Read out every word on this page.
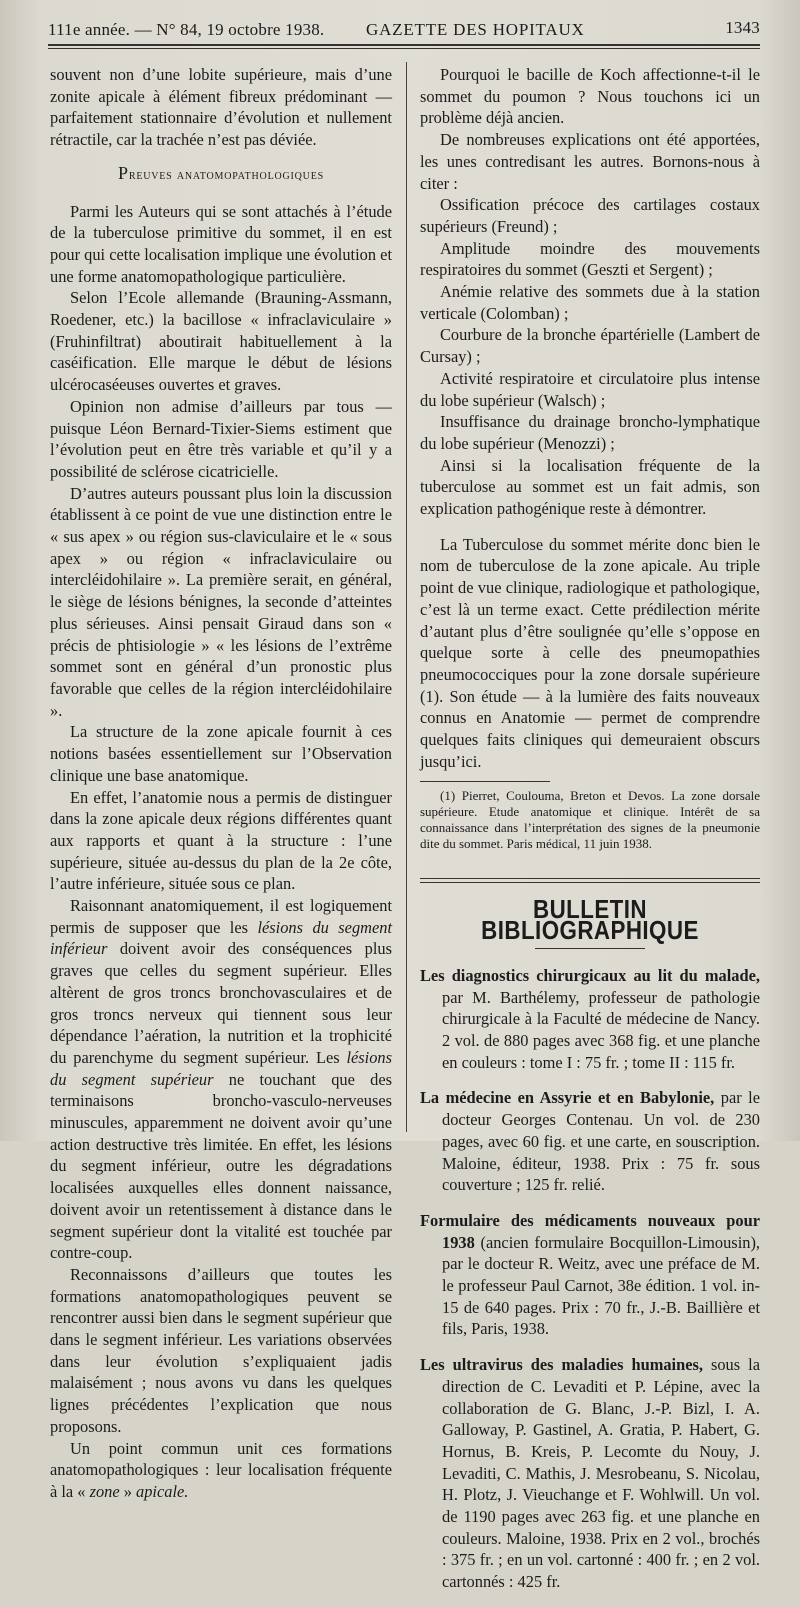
111e année. — N° 84, 19 octobre 1938. GAZETTE DES HOPITAUX	1343

souvent non d’une lobite supérieure, mais d’une zonite apicale à élément fibreux prédominant — parfaitement stationnaire d’évolution et nullement rétractile, car la trachée n’est pas déviée.

Preuves anatomopathologiques

Parmi les Auteurs qui se sont attachés à l’étude de la tuberculose primitive du sommet, il en est pour qui cette localisation implique une évolution et une forme anatomopathologique particulière.

Selon l’Ecole allemande (Brauning-Assmann, Roedener, etc.) la bacillose « infraclaviculaire » (Fruhinfiltrat) aboutirait habituellement à la caséification. Elle marque le début de lésions ulcérocaséeuses ouvertes et graves.

Opinion non admise d’ailleurs par tous — puisque Léon Bernard-Tixier-Siems estiment que l’évolution peut en être très variable et qu’il y a possibilité de sclérose cicatricielle.

D’autres auteurs poussant plus loin la discussion établissent à ce point de vue une distinction entre le « sus apex » ou région sus-claviculaire et le « sous apex » ou région « infraclaviculaire ou intercléidohilaire ». La première serait, en général, le siège de lésions bénignes, la seconde d’atteintes plus sérieuses. Ainsi pensait Giraud dans son « précis de phtisiologie » « les lésions de l’extrême sommet sont en général d’un pronostic plus favorable que celles de la région intercléidohilaire ».

La structure de la zone apicale fournit à ces notions basées essentiellement sur l’Observation clinique une base anatomique.

En effet, l’anatomie nous a permis de distinguer dans la zone apicale deux régions différentes quant aux rapports et quant à la structure : l’une supérieure, située au-dessus du plan de la 2e côte, l’autre inférieure, située sous ce plan.

Raisonnant anatomiquement, il est logiquement permis de supposer que les lésions du segment inférieur doivent avoir des conséquences plus graves que celles du segment supérieur. Elles altèrent de gros troncs bronchovasculaires et de gros troncs nerveux qui tiennent sous leur dépendance l’aération, la nutrition et la trophicité du parenchyme du segment supérieur. Les lésions du segment supérieur ne touchant que des terminaisons broncho-vasculo-nerveuses minuscules, apparemment ne doivent avoir qu’une action destructive très limitée. En effet, les lésions du segment inférieur, outre les dégradations localisées auxquelles elles donnent naissance, doivent avoir un retentissement à distance dans le segment supérieur dont la vitalité est touchée par contre-coup.

Reconnaissons d’ailleurs que toutes les formations anatomopathologiques peuvent se rencontrer aussi bien dans le segment supérieur que dans le segment inférieur. Les variations observées dans leur évolution s’expliquaient jadis malaisément ; nous avons vu dans les quelques lignes précédentes l’explication que nous proposons.

Un point commun unit ces formations anatomopathologiques : leur localisation fréquente à la « zone » apicale.

Pourquoi le bacille de Koch affectionne-t-il le sommet du poumon ? Nous touchons ici un problème déjà ancien.

De nombreuses explications ont été apportées, les unes contredisant les autres. Bornons-nous à citer :

Ossification précoce des cartilages costaux supérieurs (Freund) ;

Amplitude moindre des mouvements respiratoires du sommet (Geszti et Sergent) ;

Anémie relative des sommets due à la station verticale (Colomban) ;

Courbure de la bronche épartérielle (Lambert de Cursay) ;

Activité respiratoire et circulatoire plus intense du lobe supérieur (Walsch) ;

Insuffisance du drainage broncho-lymphatique du lobe supérieur (Menozzi) ;

Ainsi si la localisation fréquente de la tuberculose au sommet est un fait admis, son explication pathogénique reste à démontrer.

La Tuberculose du sommet mérite donc bien le nom de tuberculose de la zone apicale. Au triple point de vue clinique, radiologique et pathologique, c’est là un terme exact. Cette prédilection mérite d’autant plus d’être soulignée qu’elle s’oppose en quelque sorte à celle des pneumopathies pneumococciques pour la zone dorsale supérieure (1). Son étude — à la lumière des faits nouveaux connus en Anatomie — permet de comprendre quelques faits cliniques qui demeuraient obscurs jusqu’ici.

(1) Pierret, Coulouma, Breton et Devos. La zone dorsale supérieure. Etude anatomique et clinique. Intérêt de sa connaissance dans l’interprétation des signes de la pneumonie dite du sommet. Paris médical, 11 juin 1938.

BULLETIN BIBLIOGRAPHIQUE
Les diagnostics chirurgicaux au lit du malade, par M. Barthélemy, professeur de pathologie chirurgicale à la Faculté de médecine de Nancy. 2 vol. de 880 pages avec 368 fig. et une planche en couleurs : tome I : 75 fr. ; tome II : 115 fr.
La médecine en Assyrie et en Babylonie, par le docteur Georges Contenau. Un vol. de 230 pages, avec 60 fig. et une carte, en souscription. Maloine, éditeur, 1938. Prix : 75 fr. sous couverture ; 125 fr. relié.
Formulaire des médicaments nouveaux pour 1938 (ancien formulaire Bocquillon-Limousin), par le docteur R. Weitz, avec une préface de M. le professeur Paul Carnot, 38e édition. 1 vol. in-15 de 640 pages. Prix : 70 fr., J.-B. Baillière et fils, Paris, 1938.
Les ultravirus des maladies humaines, sous la direction de C. Levaditi et P. Lépine, avec la collaboration de G. Blanc, J.-P. Bizl, I. A. Galloway, P. Gastinel, A. Gratia, P. Habert, G. Hornus, B. Kreis, P. Lecomte du Nouy, J. Levaditi, C. Mathis, J. Mesrobeanu, S. Nicolau, H. Plotz, J. Vieuchange et F. Wohlwill. Un vol. de 1190 pages avec 263 fig. et une planche en couleurs. Maloine, 1938. Prix en 2 vol., brochés : 375 fr. ; en un vol. cartonné : 400 fr. ; en 2 vol. cartonnés : 425 fr.
